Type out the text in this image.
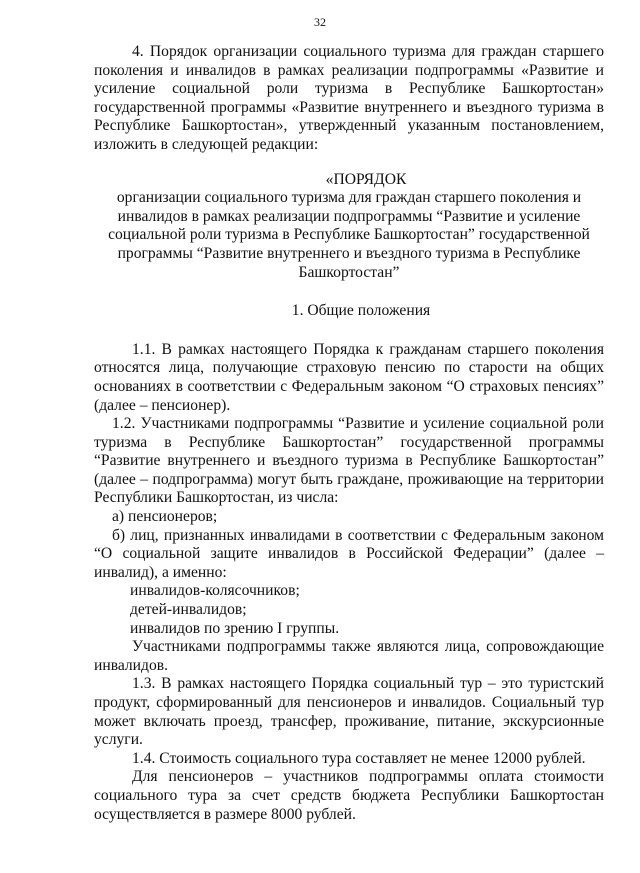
32

4. Порядок организации социального туризма для граждан старшего поколения и инвалидов в рамках реализации подпрограммы «Развитие и усиление социальной роли туризма в Республике Башкортостан» государственной программы «Развитие внутреннего и въездного туризма в Республике Башкортостан», утвержденный указанным постановлением, изложить в следующей редакции:

«ПОРЯДОК

организации социального туризма для граждан старшего поколения и инвалидов в рамках реализации подпрограммы “Развитие и усиление социальной роли туризма в Республике Башкортостан” государственной программы “Развитие внутреннего и въездного туризма в Республике Башкортостан”

1. Общие положения

1.1. В рамках настоящего Порядка к гражданам старшего поколения относятся лица, получающие страховую пенсию по старости на общих основаниях в соответствии с Федеральным законом “О страховых пенсиях” (далее – пенсионер).

1.2. Участниками подпрограммы “Развитие и усиление социальной роли туризма в Республике Башкортостан” государственной программы “Развитие внутреннего и въездного туризма в Республике Башкортостан” (далее – подпрограмма) могут быть граждане, проживающие на территории Республики Башкортостан, из числа:

а) пенсионеров;

б) лиц, признанных инвалидами в соответствии с Федеральным законом “О социальной защите инвалидов в Российской Федерации” (далее – инвалид), а именно:

инвалидов-колясочников;

детей-инвалидов;

инвалидов по зрению I группы.

Участниками подпрограммы также являются лица, сопровождающие инвалидов.

1.3. В рамках настоящего Порядка социальный тур – это туристский продукт, сформированный для пенсионеров и инвалидов. Социальный тур может включать проезд, трансфер, проживание, питание, экскурсионные услуги.

1.4. Стоимость социального тура составляет не менее 12000 рублей.

Для пенсионеров – участников подпрограммы оплата стоимости социального тура за счет средств бюджета Республики Башкортостан осуществляется в размере 8000 рублей.
